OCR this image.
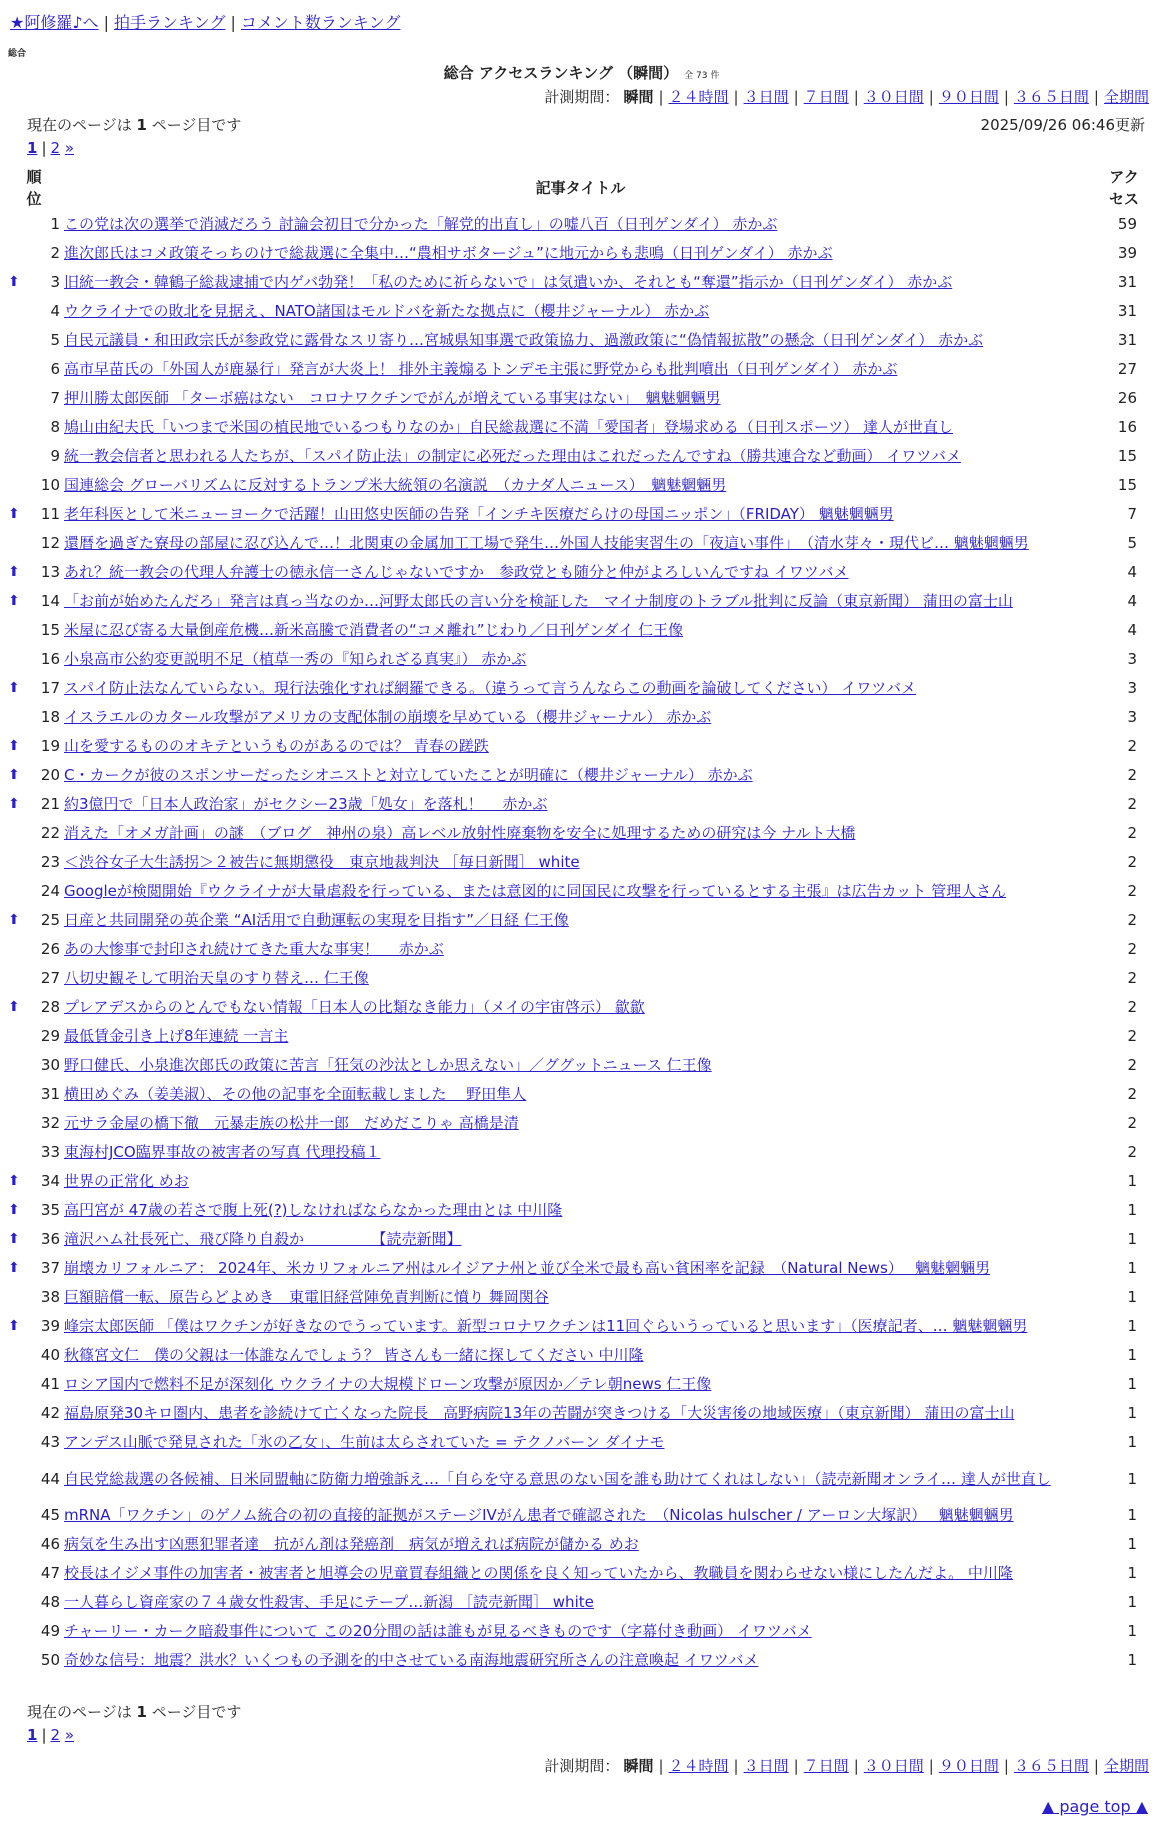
★阿修羅♪へ | 拍手ランキング | コメント数ランキング
総合
総合 アクセスランキング （瞬間） 全 73 件
計測期間： 瞬間 | ２４時間 | ３日間 | ７日間 | ３０日間 | ９０日間 | ３６５日間 | 全期間
現在のページは 1 ページ目です	2025/09/26 06:46更新
1 | 2 »
順位		記事タイトル	アクセス

	1	この党は次の選挙で消滅だろう 討論会初日で分かった「解党的出直し」の嘘八百（日刊ゲンダイ） 赤かぶ	59
	2	進次郎氏はコメ政策そっちのけで総裁選に全集中…“農相サボタージュ”に地元からも悲鳴（日刊ゲンダイ） 赤かぶ	39
⬆	3	旧統一教会・韓鶴子総裁逮捕で内ゲバ勃発！「私のために祈らないで」は気遣いか、それとも“奪還”指示か（日刊ゲンダイ） 赤かぶ	31
	4	ウクライナでの敗北を見据え、NATO諸国はモルドバを新たな拠点に（櫻井ジャーナル） 赤かぶ	31
	5	自民元議員・和田政宗氏が参政党に露骨なスリ寄り…宮城県知事選で政策協力、過激政策に“偽情報拡散”の懸念（日刊ゲンダイ） 赤かぶ	31
	6	高市早苗氏の「外国人が鹿暴行」発言が大炎上！ 排外主義煽るトンデモ主張に野党からも批判噴出（日刊ゲンダイ） 赤かぶ	27
	7	押川勝太郎医師 「ターボ癌はない　コロナワクチンでがんが増えている事実はない」　魑魅魍魎男	26
	8	鳩山由紀夫氏「いつまで米国の植民地でいるつもりなのか」自民総裁選に不満「愛国者」登場求める（日刊スポーツ） 達人が世直し	16
	9	統一教会信者と思われる人たちが、「スパイ防止法」の制定に必死だった理由はこれだったんですね（勝共連合など動画） イワツバメ	15
	10	国連総会 グローバリズムに反対するトランプ米大統領の名演説　（カナダ人ニュース）　魑魅魍魎男	15
⬆	11	老年科医として米ニューヨークで活躍！山田悠史医師の告発「インチキ医療だらけの母国ニッポン」（FRIDAY） 魑魅魍魎男	7
	12	還暦を過ぎた寮母の部屋に忍び込んで…！北関東の金属加工工場で発生…外国人技能実習生の「夜這い事件」　（清水芽々・現代ビ… 魑魅魍魎男	5
⬆	13	あれ？統一教会の代理人弁護士の徳永信一さんじゃないですか　参政党とも随分と仲がよろしいんですね イワツバメ	4
⬆	14	「お前が始めたんだろ」発言は真っ当なのか…河野太郎氏の言い分を検証した　マイナ制度のトラブル批判に反論（東京新聞） 蒲田の富士山	4
	15	米屋に忍び寄る大量倒産危機…新米高騰で消費者の“コメ離れ”じわり／日刊ゲンダイ 仁王像	4
	16	小泉高市公約変更説明不足（植草一秀の『知られざる真実』） 赤かぶ	3
⬆	17	スパイ防止法なんていらない。現行法強化すれば網羅できる。（違うって言うんならこの動画を論破してください） イワツバメ	3
	18	イスラエルのカタール攻撃がアメリカの支配体制の崩壊を早めている（櫻井ジャーナル） 赤かぶ	3
⬆	19	山を愛するもののオキテというものがあるのでは？ 青春の蹉跌	2
⬆	20	C・カークが彼のスポンサーだったシオニストと対立していたことが明確に（櫻井ジャーナル） 赤かぶ	2
⬆	21	約3億円で「日本人政治家」がセクシー23歳「処女」を落札！　 赤かぶ	2
	22	消えた「オメガ計画」の謎　（ブログ　神州の泉）高レベル放射性廃棄物を安全に処理するための研究は今 ナルト大橋	2
	23	＜渋谷女子大生誘拐＞２被告に無期懲役　東京地裁判決 ［毎日新聞］ white	2
	24	Googleが検閲開始『ウクライナが大量虐殺を行っている、または意図的に同国民に攻撃を行っているとする主張』は広告カット 管理人さん	2
⬆	25	日産と共同開発の英企業 “AI活用で自動運転の実現を目指す”／日経 仁王像	2
	26	あの大惨事で封印され続けてきた重大な事実！　 赤かぶ	2
	27	八切史観そして明治天皇のすり替え… 仁王像	2
⬆	28	プレアデスからのとんでもない情報「日本人の比類なき能力」（メイの宇宙啓示） 歙歙	2
	29	最低賃金引き上げ8年連続 一言主	2
	30	野口健氏、小泉進次郎氏の政策に苦言「狂気の沙汰としか思えない」／ググットニュース 仁王像	2
	31	横田めぐみ（姜美淑）、その他の記事を全面転載しました　 野田隼人	2
	32	元サラ金屋の橋下徹　元暴走族の松井一郎　だめだこりゃ 高橋是清	2
	33	東海村JCO臨界事故の被害者の写真 代理投稿１	2
⬆	34	世界の正常化 めお	1
⬆	35	高円宮が 47歳の若さで腹上死(?)しなければならなかった理由とは 中川隆	1
⬆	36	滝沢ハム社長死亡、飛び降り自殺か　　　　　【読売新聞】	1
⬆	37	崩壊カリフォルニア： 2024年、米カリフォルニア州はルイジアナ州と並び全米で最も高い貧困率を記録　（Natural News）　 魑魅魍魎男	1
	38	巨額賠償一転、原告らどよめき　東電旧経営陣免責判断に憤り 舞岡関谷	1
⬆	39	峰宗太郎医師 「僕はワクチンが好きなのでうっています。新型コロナワクチンは11回ぐらいうっていると思います」（医療記者、… 魑魅魍魎男	1
	40	秋篠宮文仁　僕の父親は一体誰なんでしょう？ 皆さんも一緒に探してください 中川隆	1
	41	ロシア国内で燃料不足が深刻化 ウクライナの大規模ドローン攻撃が原因か／テレ朝news 仁王像	1
	42	福島原発30キロ圏内、患者を診続けて亡くなった院長　高野病院13年の苦闘が突きつける「大災害後の地域医療」（東京新聞） 蒲田の富士山	1
	43	アンデス山脈で発見された「氷の乙女」、生前は太らされていた = テクノバーン ダイナモ	1
	44	自民党総裁選の各候補、日米同盟軸に防衛力増強訴え…「自らを守る意思のない国を誰も助けてくれはしない」（読売新聞オンライ… 達人が世直し	1
	45	mRNA「ワクチン」のゲノム統合の初の直接的証拠がステージIVがん患者で確認された　（Nicolas hulscher / アーロン大塚訳）　 魑魅魍魎男	1
	46	病気を生み出す凶悪犯罪者達　抗がん剤は発癌剤　病気が増えれば病院が儲かる めお	1
	47	校長はイジメ事件の加害者・被害者と旭導会の児童買春組織との関係を良く知っていたから、教職員を関わらせない様にしたんだよ。 中川隆	1
	48	一人暮らし資産家の７４歳女性殺害、手足にテープ…新潟 ［読売新聞］ white	1
	49	チャーリー・カーク暗殺事件について この20分間の話は誰もが見るべきものです（字幕付き動画） イワツバメ	1
	50	奇妙な信号：地震？洪水？いくつもの予測を的中させている南海地震研究所さんの注意喚起 イワツバメ	1
現在のページは 1 ページ目です
1 | 2 »
計測期間： 瞬間 | ２４時間 | ３日間 | ７日間 | ３０日間 | ９０日間 | ３６５日間 | 全期間
▲ page top ▲
